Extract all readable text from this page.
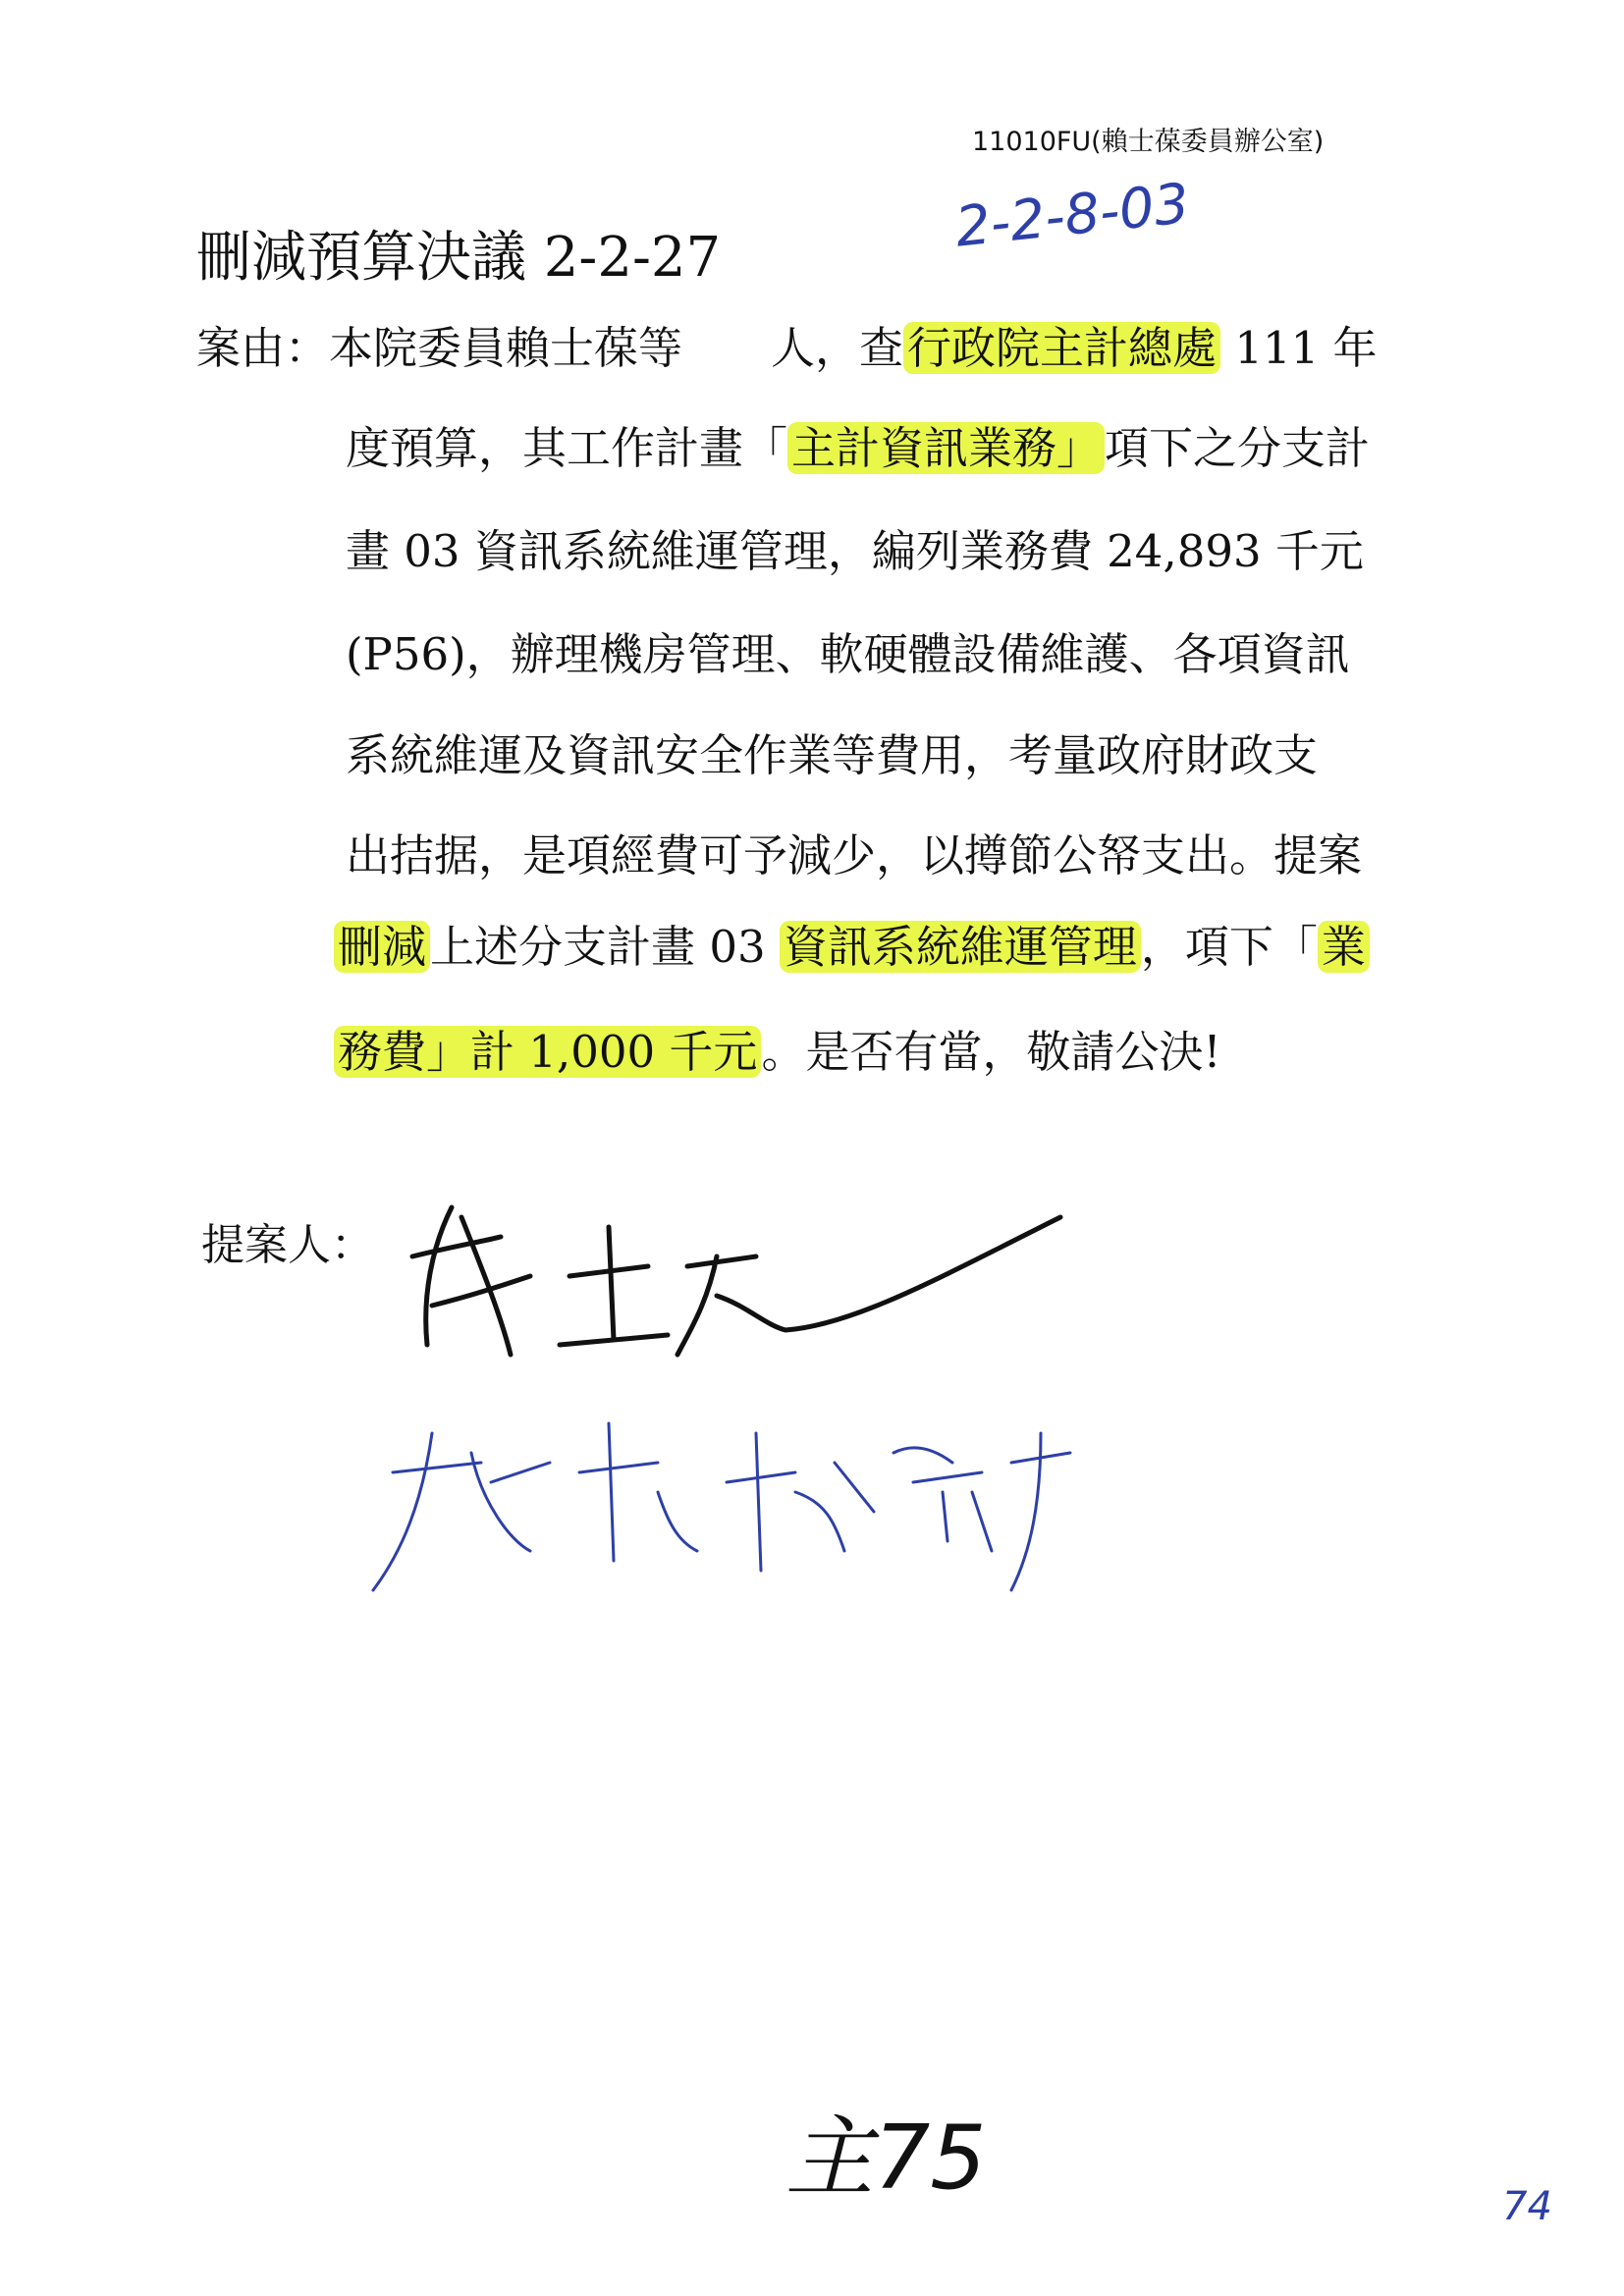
11010FU(賴士葆委員辦公室)
刪減預算決議 2-2-27	2-2-8-03
案由：本院委員賴士葆等　　人，查行政院主計總處 111 年
度預算，其工作計畫「主計資訊業務」項下之分支計
畫 03 資訊系統維運管理，編列業務費 24,893 千元
(P56)，辦理機房管理、軟硬體設備維護、各項資訊
系統維運及資訊安全作業等費用，考量政府財政支
出拮据，是項經費可予減少，以撙節公帑支出。提案
刪減上述分支計畫 03 資訊系統維運管理，項下「業
務費」計 1,000 千元。是否有當，敬請公決!
提案人：
主75	74
